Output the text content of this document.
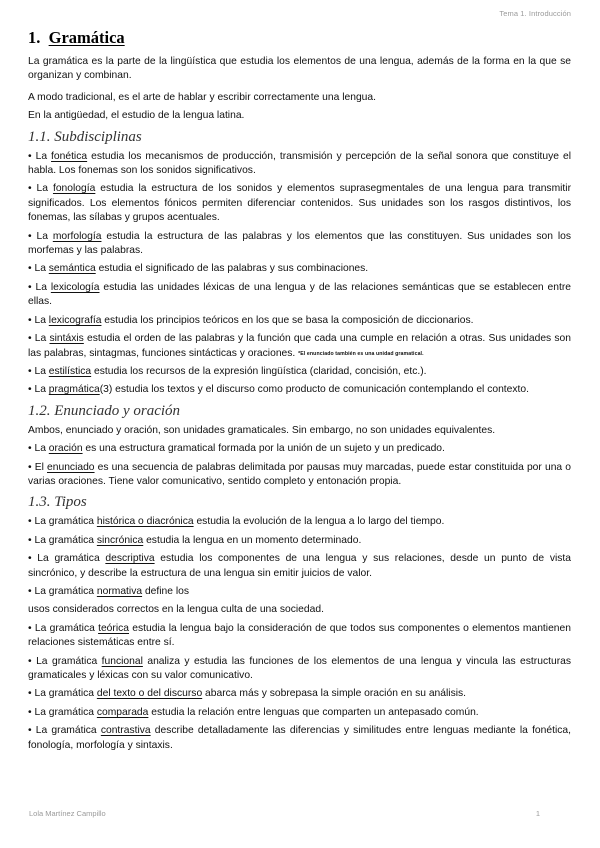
Tema 1. Introducción
1. Gramática

La gramática es la parte de la lingüística que estudia los elementos de una lengua, además de la forma en la que se organizan y combinan.

A modo tradicional, es el arte de hablar y escribir correctamente una lengua.

En la antigüedad, el estudio de la lengua latina.

1.1. Subdisciplinas

• La fonética estudia los mecanismos de producción, transmisión y percepción de la señal sonora que constituye el habla. Los fonemas son los sonidos significativos.

• La fonología estudia la estructura de los sonidos y elementos suprasegmentales de una lengua para transmitir significados. Los elementos fónicos permiten diferenciar contenidos. Sus unidades son los rasgos distintivos, los fonemas, las sílabas y grupos acentuales.

• La morfología estudia la estructura de las palabras y los elementos que las constituyen. Sus unidades son los morfemas y las palabras.

• La semántica estudia el significado de las palabras y sus combinaciones.

• La lexicología estudia las unidades léxicas de una lengua y de las relaciones semánticas que se establecen entre ellas.

• La lexicografía estudia los principios teóricos en los que se basa la composición de diccionarios.

• La sintáxis estudia el orden de las palabras y la función que cada una cumple en relación a otras. Sus unidades son las palabras, sintagmas, funciones sintácticas y oraciones. *El enunciado también es una unidad gramatical.

• La estilística estudia los recursos de la expresión lingüística (claridad, concisión, etc.).

• La pragmática(3) estudia los textos y el discurso como producto de comunicación contemplando el contexto.

1.2. Enunciado y oración

Ambos, enunciado y oración, son unidades gramaticales. Sin embargo, no son unidades equivalentes.

• La oración es una estructura gramatical formada por la unión de un sujeto y un predicado.

• El enunciado es una secuencia de palabras delimitada por pausas muy marcadas, puede estar constituida por una o varias oraciones. Tiene valor comunicativo, sentido completo y entonación propia.

1.3. Tipos

• La gramática histórica o diacrónica estudia la evolución de la lengua a lo largo del tiempo.

• La gramática sincrónica estudia la lengua en un momento determinado.

• La gramática descriptiva estudia los componentes de una lengua y sus relaciones, desde un punto de vista sincrónico, y describe la estructura de una lengua sin emitir juicios de valor.

• La gramática normativa define los

usos considerados correctos en la lengua culta de una sociedad.

• La gramática teórica estudia la lengua bajo la consideración de que todos sus componentes o elementos mantienen relaciones sistemáticas entre sí.

• La gramática funcional analiza y estudia las funciones de los elementos de una lengua y vincula las estructuras gramaticales y léxicas con su valor comunicativo.

• La gramática del texto o del discurso abarca más y sobrepasa la simple oración en su análisis.

• La gramática comparada estudia la relación entre lenguas que comparten un antepasado común.

• La gramática contrastiva describe detalladamente las diferencias y similitudes entre lenguas mediante la fonética, fonología, morfología y sintaxis.

Lola Martínez Campillo	1
